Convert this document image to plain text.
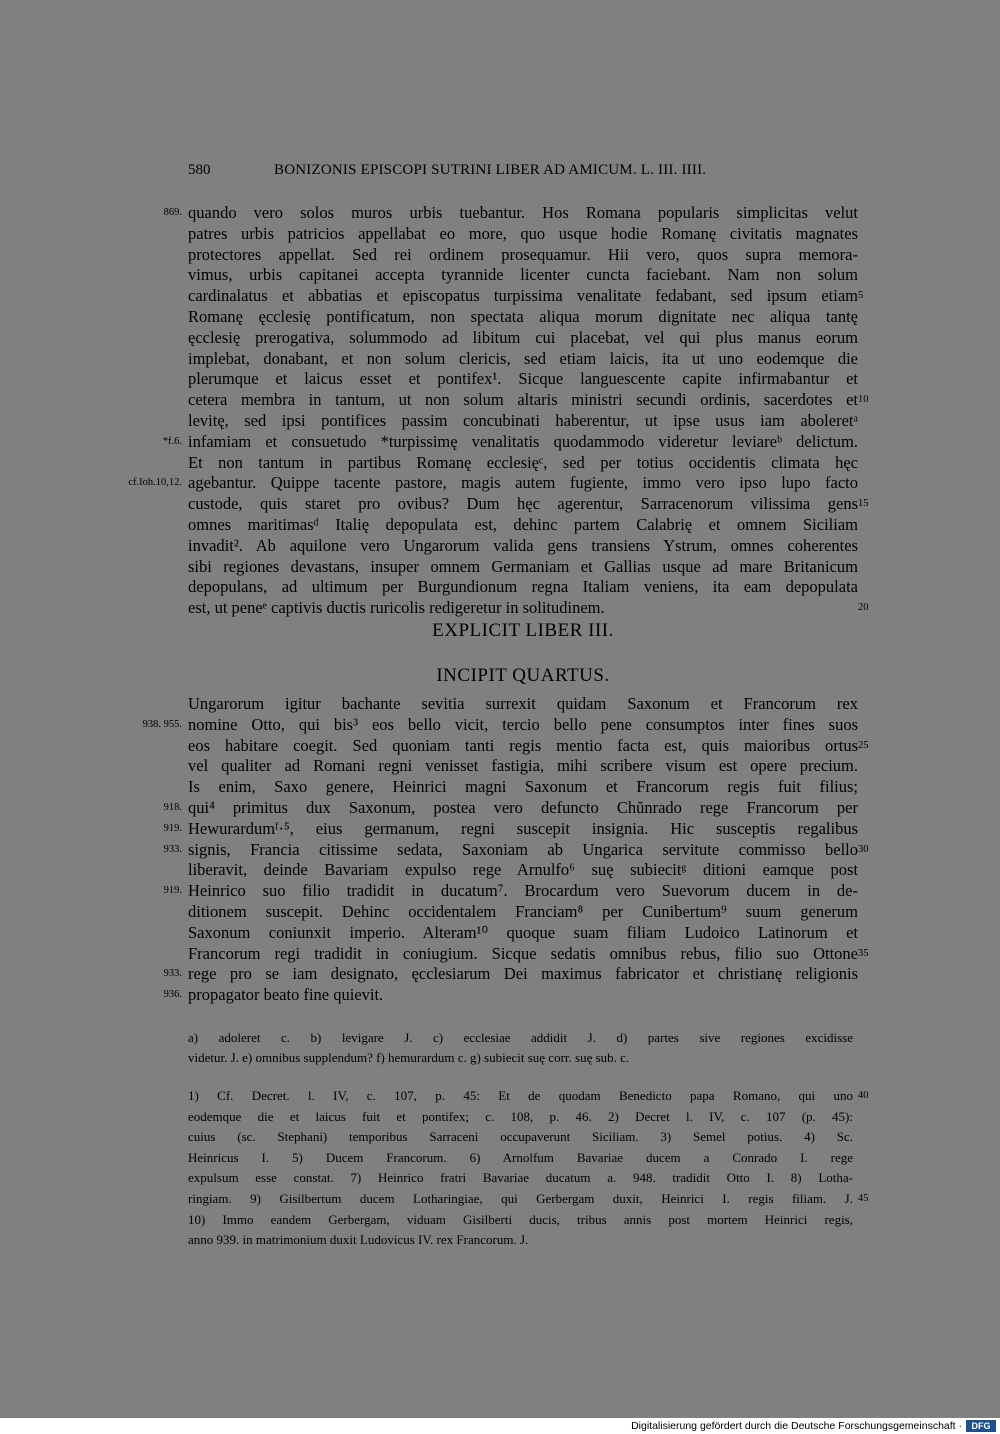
580	BONIZONIS EPISCOPI SUTRINI LIBER AD AMICUM. L. III. IIII.
quando vero solos muros urbis tuebantur. Hos Romana popularis simplicitas velut
869.
patres urbis patricios appellabat eo more, quo usque hodie Romanę civitatis magnates
protectores appellat. Sed rei ordinem prosequamur. Hii vero, quos supra memora-
vimus, urbis capitanei accepta tyrannide licenter cuncta faciebant. Nam non solum
cardinalatus et abbatias et episcopatus turpissima venalitate fedabant, sed ipsum etiam 5
Romanę ęcclesię pontificatum, non spectata aliqua morum dignitate nec aliqua tantę
ęcclesię prerogativa, solummodo ad libitum cui placebat, vel qui plus manus eorum
implebat, donabant, et non solum clericis, sed etiam laicis, ita ut uno eodemque die
plerumque et laicus esset et pontifex¹. Sicque languescente capite infirmabantur et
cetera membra in tantum, ut non solum altaris ministri secundi ordinis, sacerdotes et 10
levitę, sed ipsi pontifices passim concubinati haberentur, ut ipse usus iam aboleretᵃ
infamiam et consuetudo *turpissimę venalitatis quodammodo videretur leviareᵇ delictum.
*f.6.
Et non tantum in partibus Romanę ecclesięᶜ, sed per totius occidentis climata hęc
agebantur. Quippe tacente pastore, magis autem fugiente, immo vero ipso lupo facto
cf.Ioh.10,12.
custode, quis staret pro ovibus? Dum hęc agerentur, Sarracenorum vilissima gens 15
omnes maritimasᵈ Italię depopulata est, dehinc partem Calabrię et omnem Siciliam
invadit². Ab aquilone vero Ungarorum valida gens transiens Ystrum, omnes coherentes
sibi regiones devastans, insuper omnem Germaniam et Gallias usque ad mare Britanicum
depopulans, ad ultimum per Burgundionum regna Italiam veniens, ita eam depopulata
est, ut peneᵉ captivis ductis ruricolis redigeretur in solitudinem.	20
EXPLICIT LIBER III.
INCIPIT QUARTUS.
Ungarorum igitur bachante sevitia surrexit quidam Saxonum et Francorum rex
nomine Otto, qui bis³ eos bello vicit, tercio bello pene consumptos inter fines suos
938. 955.
eos habitare coegit. Sed quoniam tanti regis mentio facta est, quis maioribus ortus 25
vel qualiter ad Romani regni venisset fastigia, mihi scribere visum est opere precium.
Is enim, Saxo genere, Heinrici magni Saxonum et Francorum regis fuit filius;
qui⁴ primitus dux Saxonum, postea vero defuncto Chŭnrado rege Francorum per
918.
Hewurardumᶠ·⁵, eius germanum, regni suscepit insignia. Hic susceptis regalibus
919.
signis, Francia citissime sedata, Saxoniam ab Ungarica servitute commisso bello
933.	30
liberavit, deinde Bavariam expulso rege Arnulfo⁶ suę subiecitᵍ ditioni eamque post
Heinrico suo filio tradidit in ducatum⁷. Brocardum vero Suevorum ducem in de-
919.
ditionem suscepit. Dehinc occidentalem Franciam⁸ per Cunibertum⁹ suum generum
Saxonum coniunxit imperio. Alteram¹⁰ quoque suam filiam Ludoico Latinorum et
Francorum regi tradidit in coniugium. Sicque sedatis omnibus rebus, filio suo Ottone 35
rege pro se iam designato, ęcclesiarum Dei maximus fabricator et christianę religionis
933.
propagator beato fine quievit.
936.
a) adoleret c. b) levigare J. c) ecclesiae addidit J. d) partes sive regiones excidisse
videtur. J. e) omnibus supplendum? f) hemurardum c. g) subiecit suę corr. suę sub. c.
1) Cf. Decret. l. IV, c. 107, p. 45: Et de quodam Benedicto papa Romano, qui uno 40
eodemque die et laicus fuit et pontifex; c. 108, p. 46. 2) Decret l. IV, c. 107 (p. 45):
cuius (sc. Stephani) temporibus Sarraceni occupaverunt Siciliam. 3) Semel potius. 4) Sc.
Heinricus I. 5) Ducem Francorum. 6) Arnolfum Bavariae ducem a Conrado I. rege
expulsum esse constat. 7) Heinrico fratri Bavariae ducatum a. 948. tradidit Otto I. 8) Lotha-
ringiam. 9) Gisilbertum ducem Lotharingiae, qui Gerbergam duxit, Heinrici I. regis filiam. J. 45
10) Immo eandem Gerbergam, viduam Gisilberti ducis, tribus annis post mortem Heinrici regis,
anno 939. in matrimonium duxit Ludovicus IV. rex Francorum. J.
Digitalisierung gefördert durch die Deutsche Forschungsgemeinschaft ·	DFG
